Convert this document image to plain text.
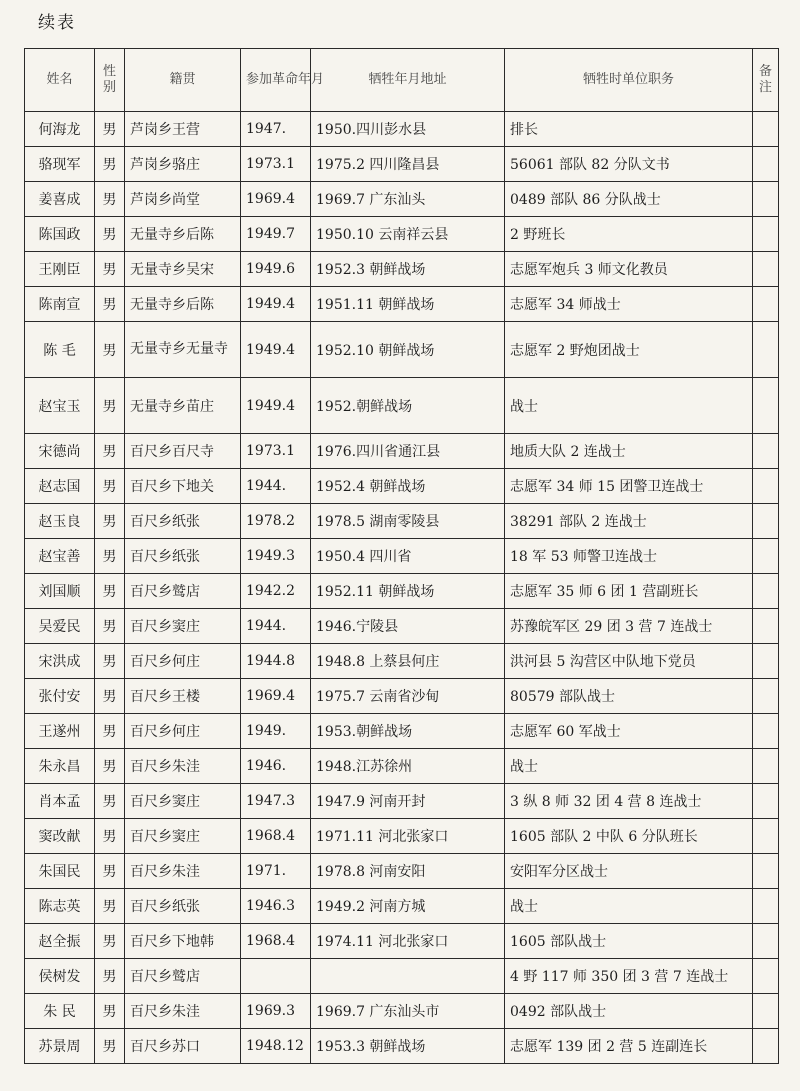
续表
姓名	性别	籍贯	参加革命年月	牺牲年月地址	牺牲时单位职务	备注
何海龙	男	芦岗乡王营	1947.	1950.四川彭水县	排长	
骆现军	男	芦岗乡骆庄	1973.1	1975.2 四川隆昌县	56061 部队 82 分队文书	
姜喜成	男	芦岗乡尚堂	1969.4	1969.7 广东汕头	0489 部队 86 分队战士	
陈国政	男	无量寺乡后陈	1949.7	1950.10 云南祥云县	2 野班长	
王刚臣	男	无量寺乡吴宋	1949.6	1952.3 朝鲜战场	志愿军炮兵 3 师文化教员	
陈南宣	男	无量寺乡后陈	1949.4	1951.11 朝鲜战场	志愿军 34 师战士	
陈 毛	男	无量寺乡无量寺	1949.4	1952.10 朝鲜战场	志愿军 2 野炮团战士	
赵宝玉	男	无量寺乡苗庄	1949.4	1952.朝鲜战场	战士	
宋德尚	男	百尺乡百尺寺	1973.1	1976.四川省通江县	地质大队 2 连战士	
赵志国	男	百尺乡下地关	1944.	1952.4 朝鲜战场	志愿军 34 师 15 团警卫连战士	
赵玉良	男	百尺乡纸张	1978.2	1978.5 湖南零陵县	38291 部队 2 连战士	
赵宝善	男	百尺乡纸张	1949.3	1950.4 四川省	18 军 53 师警卫连战士	
刘国顺	男	百尺乡鹫店	1942.2	1952.11 朝鲜战场	志愿军 35 师 6 团 1 营副班长	
吴爱民	男	百尺乡窦庄	1944.	1946.宁陵县	苏豫皖军区 29 团 3 营 7 连战士	
宋洪成	男	百尺乡何庄	1944.8	1948.8 上蔡县何庄	洪河县 5 沟营区中队地下党员	
张付安	男	百尺乡王楼	1969.4	1975.7 云南省沙甸	80579 部队战士	
王遂州	男	百尺乡何庄	1949.	1953.朝鲜战场	志愿军 60 军战士	
朱永昌	男	百尺乡朱洼	1946.	1948.江苏徐州	战士	
肖本孟	男	百尺乡窦庄	1947.3	1947.9 河南开封	3 纵 8 师 32 团 4 营 8 连战士	
窦改献	男	百尺乡窦庄	1968.4	1971.11 河北张家口	1605 部队 2 中队 6 分队班长	
朱国民	男	百尺乡朱洼	1971.	1978.8 河南安阳	安阳军分区战士	
陈志英	男	百尺乡纸张	1946.3	1949.2 河南方城	战士	
赵全振	男	百尺乡下地韩	1968.4	1974.11 河北张家口	1605 部队战士	
侯树发	男	百尺乡鹫店			4 野 117 师 350 团 3 营 7 连战士	
朱 民	男	百尺乡朱洼	1969.3	1969.7 广东汕头市	0492 部队战士	
苏景周	男	百尺乡苏口	1948.12	1953.3 朝鲜战场	志愿军 139 团 2 营 5 连副连长	
